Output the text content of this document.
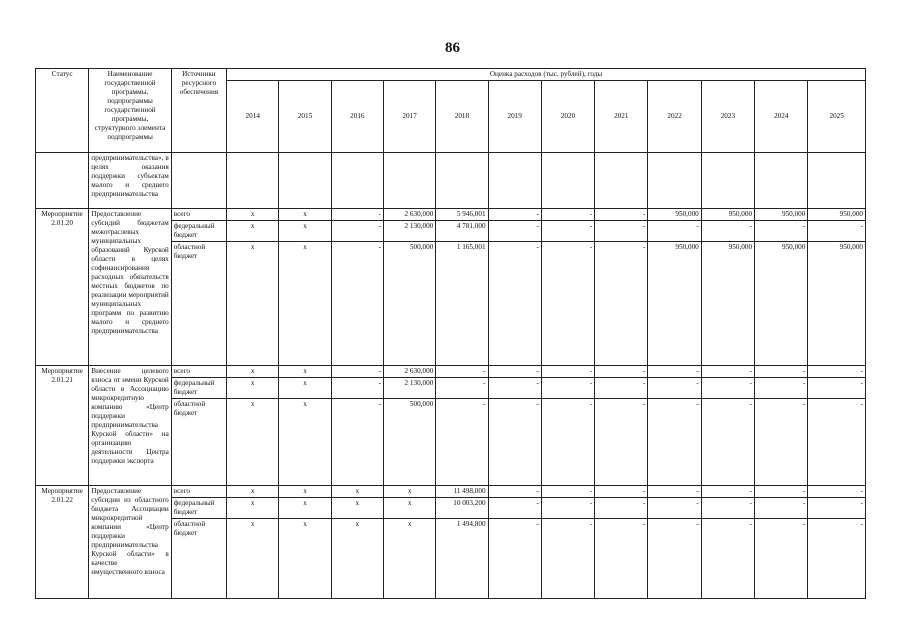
86
Статус	Наименование государственной программы, подпрограммы государственной программы, структурного элемента подпрограммы	Источники ресурсного обеспечения	Оценка расходов (тыс. рублей), годы											
			2014	2015	2016	2017	2018	2019	2020	2021	2022	2023	2024	2025
	предпринимательства», в целях оказания поддержки субъектам малого и среднего предпринимательства													
Мероприятие 2.01.20	Предоставление субсидий бюджетам межотраслевых муниципальных образований Курской области в целях софинансирования расходных обязательств местных бюджетов по реализации мероприятий муниципальных программ по развитию малого и среднего предпринимательства	всего	х	х	-	2 630,000	5 946,001	-	-	-	950,000	950,000	950,000	950,000
		федеральный бюджет	х	х	-	2 130,000	4 781,000	-	-	-	-	-	-	-
		областной бюджет	х	х	-	500,000	1 165,001	-	-	-	950,000	950,000	950,000	950,000
Мероприятие 2.01.21	Внесение целевого взноса от имени Курской области в Ассоциацию микрокредитную компанию «Центр поддержки предпринимательства Курской области» на организацию деятельности Центра поддержки экспорта	всего	х	х	-	2 630,000	-	-	-	-	-	-	-	-
		федеральный бюджет	х	х	-	2 130,000	-	-	-	-	-	-	-	-
		областной бюджет	х	х	-	500,000	-	-	-	-	-	-	-	-
Мероприятие 2.01.22	Предоставление субсидии из областного бюджета Ассоциации микрокредитной компании «Центр поддержки предпринимательства Курской области» в качестве имущественного взноса	всего	х	х	х	х	11 498,000	-	-	-	-	-	-	-
		федеральный бюджет	х	х	х	х	10 003,200	-	-	-	-	-	-	-
		областной бюджет	х	х	х	х	1 494,800	-	-	-	-	-	-	-
